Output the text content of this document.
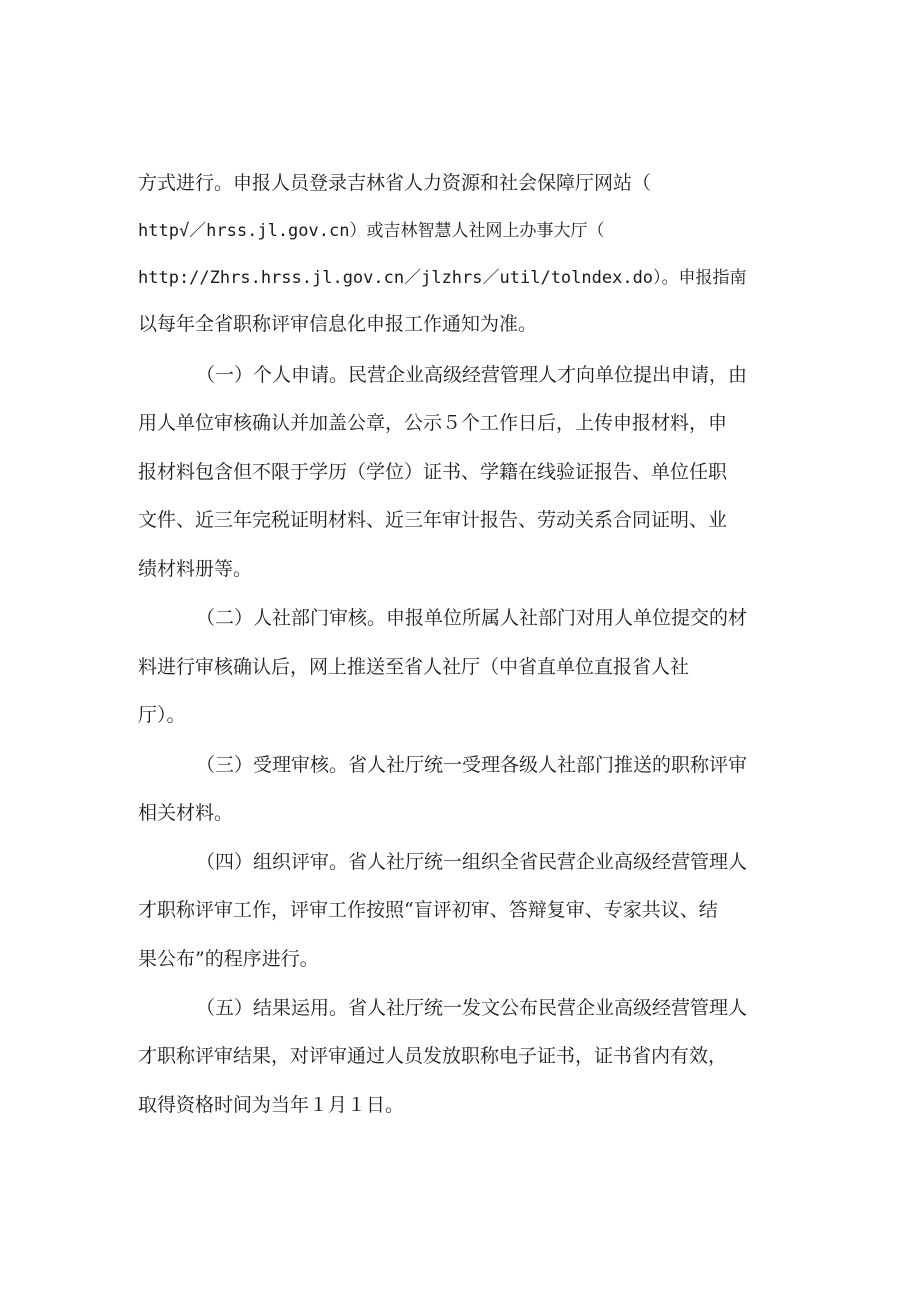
方式进行。申报人员登录吉林省人力资源和社会保障厅网站（

http√／hrss.jl.gov.cn）或吉林智慧人社网上办事大厅（

http://Zhrs.hrss.jl.gov.cn／jlzhrs／util/tolndex.do）。申报指南

以每年全省职称评审信息化申报工作通知为准。

（一）个人申请。民营企业高级经营管理人才向单位提出申请，由

用人单位审核确认并加盖公章，公示５个工作日后，上传申报材料，申

报材料包含但不限于学历（学位）证书、学籍在线验证报告、单位任职

文件、近三年完税证明材料、近三年审计报告、劳动关系合同证明、业

绩材料册等。

（二）人社部门审核。申报单位所属人社部门对用人单位提交的材

料进行审核确认后，网上推送至省人社厅（中省直单位直报省人社

厅）。

（三）受理审核。省人社厅统一受理各级人社部门推送的职称评审

相关材料。

（四）组织评审。省人社厅统一组织全省民营企业高级经营管理人

才职称评审工作，评审工作按照“盲评初审、答辩复审、专家共议、结

果公布”的程序进行。

（五）结果运用。省人社厅统一发文公布民营企业高级经营管理人

才职称评审结果，对评审通过人员发放职称电子证书，证书省内有效，

取得资格时间为当年１月１日。
